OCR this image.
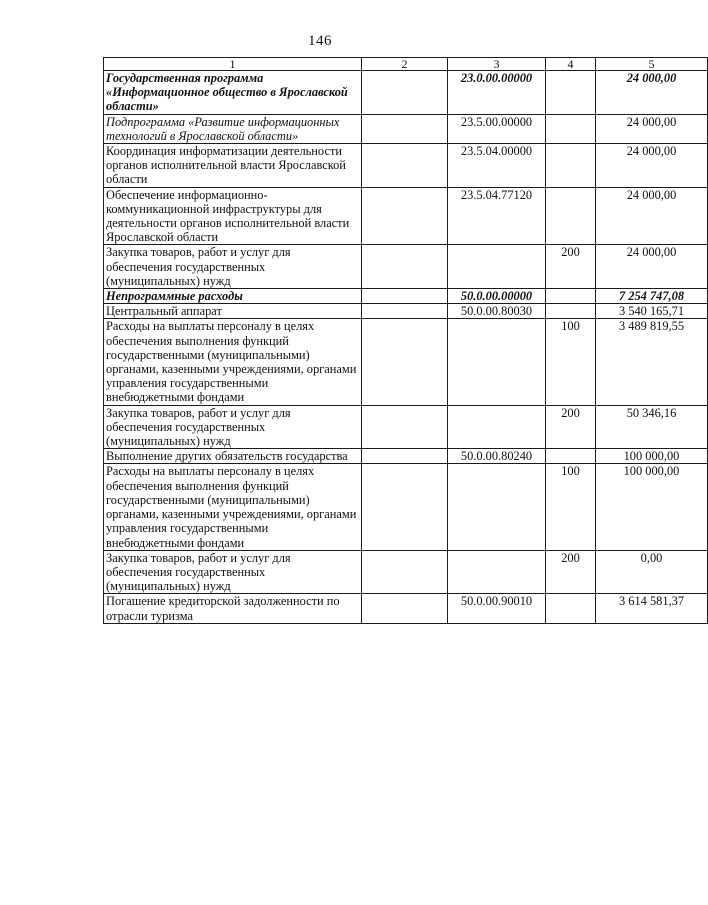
146
1	2	3	4	5
Государственная программа «Информационное общество в Ярославской области»		23.0.00.00000		24 000,00
Подпрограмма «Развитие информационных технологий в Ярославской области»		23.5.00.00000		24 000,00
Координация информатизации деятельности органов исполнительной власти Ярославской области		23.5.04.00000		24 000,00
Обеспечение информационно-коммуникационной инфраструктуры для деятельности органов исполнительной власти Ярославской области		23.5.04.77120		24 000,00
Закупка товаров, работ и услуг для обеспечения государственных (муниципальных) нужд			200	24 000,00
Непрограммные расходы		50.0.00.00000		7 254 747,08
Центральный аппарат		50.0.00.80030		3 540 165,71
Расходы на выплаты персоналу в целях обеспечения выполнения функций государственными (муниципальными) органами, казенными учреждениями, органами управления государственными внебюджетными фондами			100	3 489 819,55
Закупка товаров, работ и услуг для обеспечения государственных (муниципальных) нужд			200	50 346,16
Выполнение других обязательств государства		50.0.00.80240		100 000,00
Расходы на выплаты персоналу в целях обеспечения выполнения функций государственными (муниципальными) органами, казенными учреждениями, органами управления государственными внебюджетными фондами			100	100 000,00
Закупка товаров, работ и услуг для обеспечения государственных (муниципальных) нужд			200	0,00
Погашение кредиторской задолженности по отрасли туризма		50.0.00.90010		3 614 581,37
